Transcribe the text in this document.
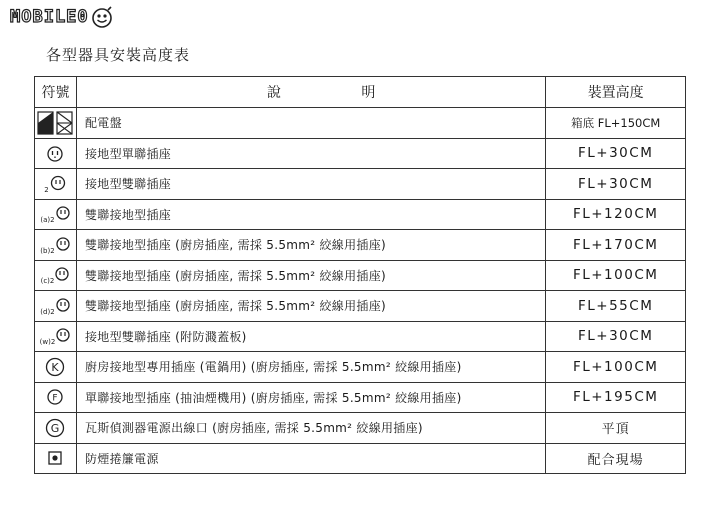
MOBILE0
各型器具安裝高度表
符號	說 明	裝置高度
	配電盤	箱底 FL+150CM
	接地型單聯插座	FL+30CM
2	接地型雙聯插座	FL+30CM
(a)2	雙聯接地型插座	FL+120CM
(b)2	雙聯接地型插座 (廚房插座, 需採 5.5mm² 絞線用插座)	FL+170CM
(c)2	雙聯接地型插座 (廚房插座, 需採 5.5mm² 絞線用插座)	FL+100CM
(d)2	雙聯接地型插座 (廚房插座, 需採 5.5mm² 絞線用插座)	FL+55CM
(w)2	接地型雙聯插座 (附防濺蓋板)	FL+30CM

K	廚房接地型專用插座 (電鍋用) (廚房插座, 需採 5.5mm² 絞線用插座)	FL+100CM

F	單聯接地型插座 (抽油煙機用) (廚房插座, 需採 5.5mm² 絞線用插座)	FL+195CM

G	瓦斯偵測器電源出線口 (廚房插座, 需採 5.5mm² 絞線用插座)	平頂
	防煙捲簾電源	配合現場
